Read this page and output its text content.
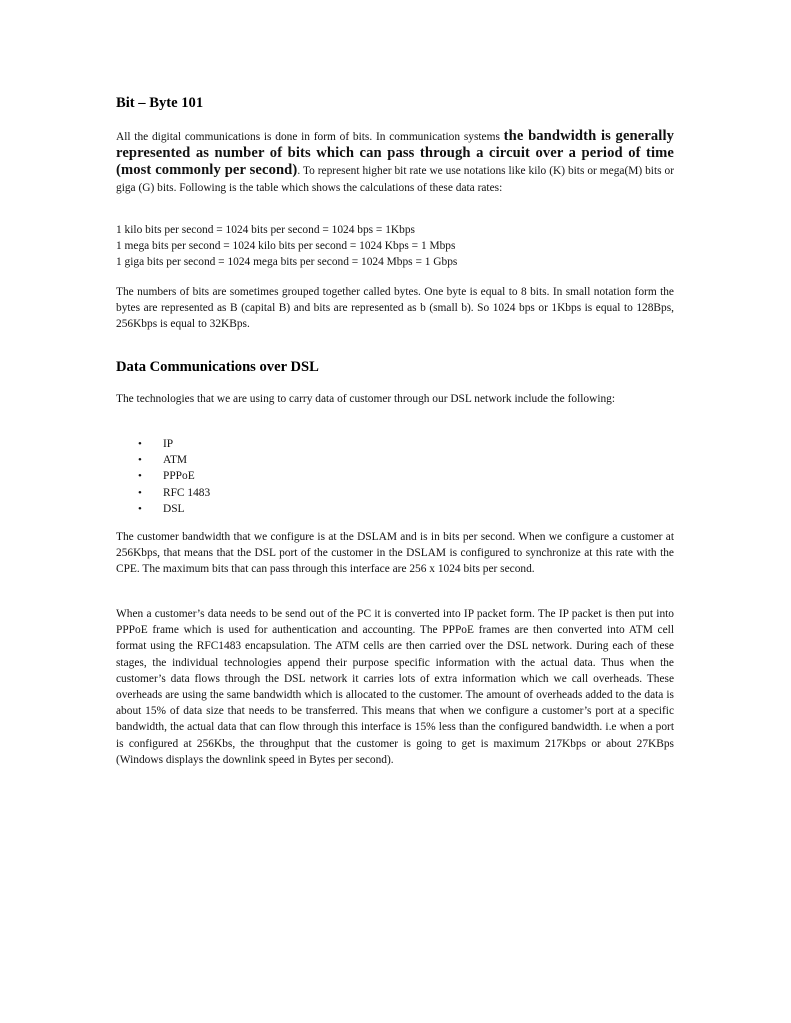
Bit – Byte 101

All the digital communications is done in form of bits. In communication systems the bandwidth is generally represented as number of bits which can pass through a circuit over a period of time (most commonly per second). To represent higher bit rate we use notations like kilo (K) bits or mega(M) bits or giga (G) bits. Following is the table which shows the calculations of these data rates:

1 kilo bits per second = 1024 bits per second = 1024 bps = 1Kbps
1 mega bits per second = 1024 kilo bits per second = 1024 Kbps = 1 Mbps
1 giga bits per second = 1024 mega bits per second = 1024 Mbps = 1 Gbps

The numbers of bits are sometimes grouped together called bytes. One byte is equal to 8 bits. In small notation form the bytes are represented as B (capital B) and bits are represented as b (small b). So 1024 bps or 1Kbps is equal to 128Bps, 256Kbps is equal to 32KBps.

Data Communications over DSL

The technologies that we are using to carry data of customer through our DSL network include the following:

• IP
• ATM
• PPPoE
• RFC 1483
• DSL

The customer bandwidth that we configure is at the DSLAM and is in bits per second. When we configure a customer at 256Kbps, that means that the DSL port of the customer in the DSLAM is configured to synchronize at this rate with the CPE. The maximum bits that can pass through this interface are 256 x 1024 bits per second.

When a customer’s data needs to be send out of the PC it is converted into IP packet form. The IP packet is then put into PPPoE frame which is used for authentication and accounting. The PPPoE frames are then converted into ATM cell format using the RFC1483 encapsulation. The ATM cells are then carried over the DSL network. During each of these stages, the individual technologies append their purpose specific information with the actual data. Thus when the customer’s data flows through the DSL network it carries lots of extra information which we call overheads. These overheads are using the same bandwidth which is allocated to the customer. The amount of overheads added to the data is about 15% of data size that needs to be transferred. This means that when we configure a customer’s port at a specific bandwidth, the actual data that can flow through this interface is 15% less than the configured bandwidth. i.e when a port is configured at 256Kbs, the throughput that the customer is going to get is maximum 217Kbps or about 27KBps (Windows displays the downlink speed in Bytes per second).
